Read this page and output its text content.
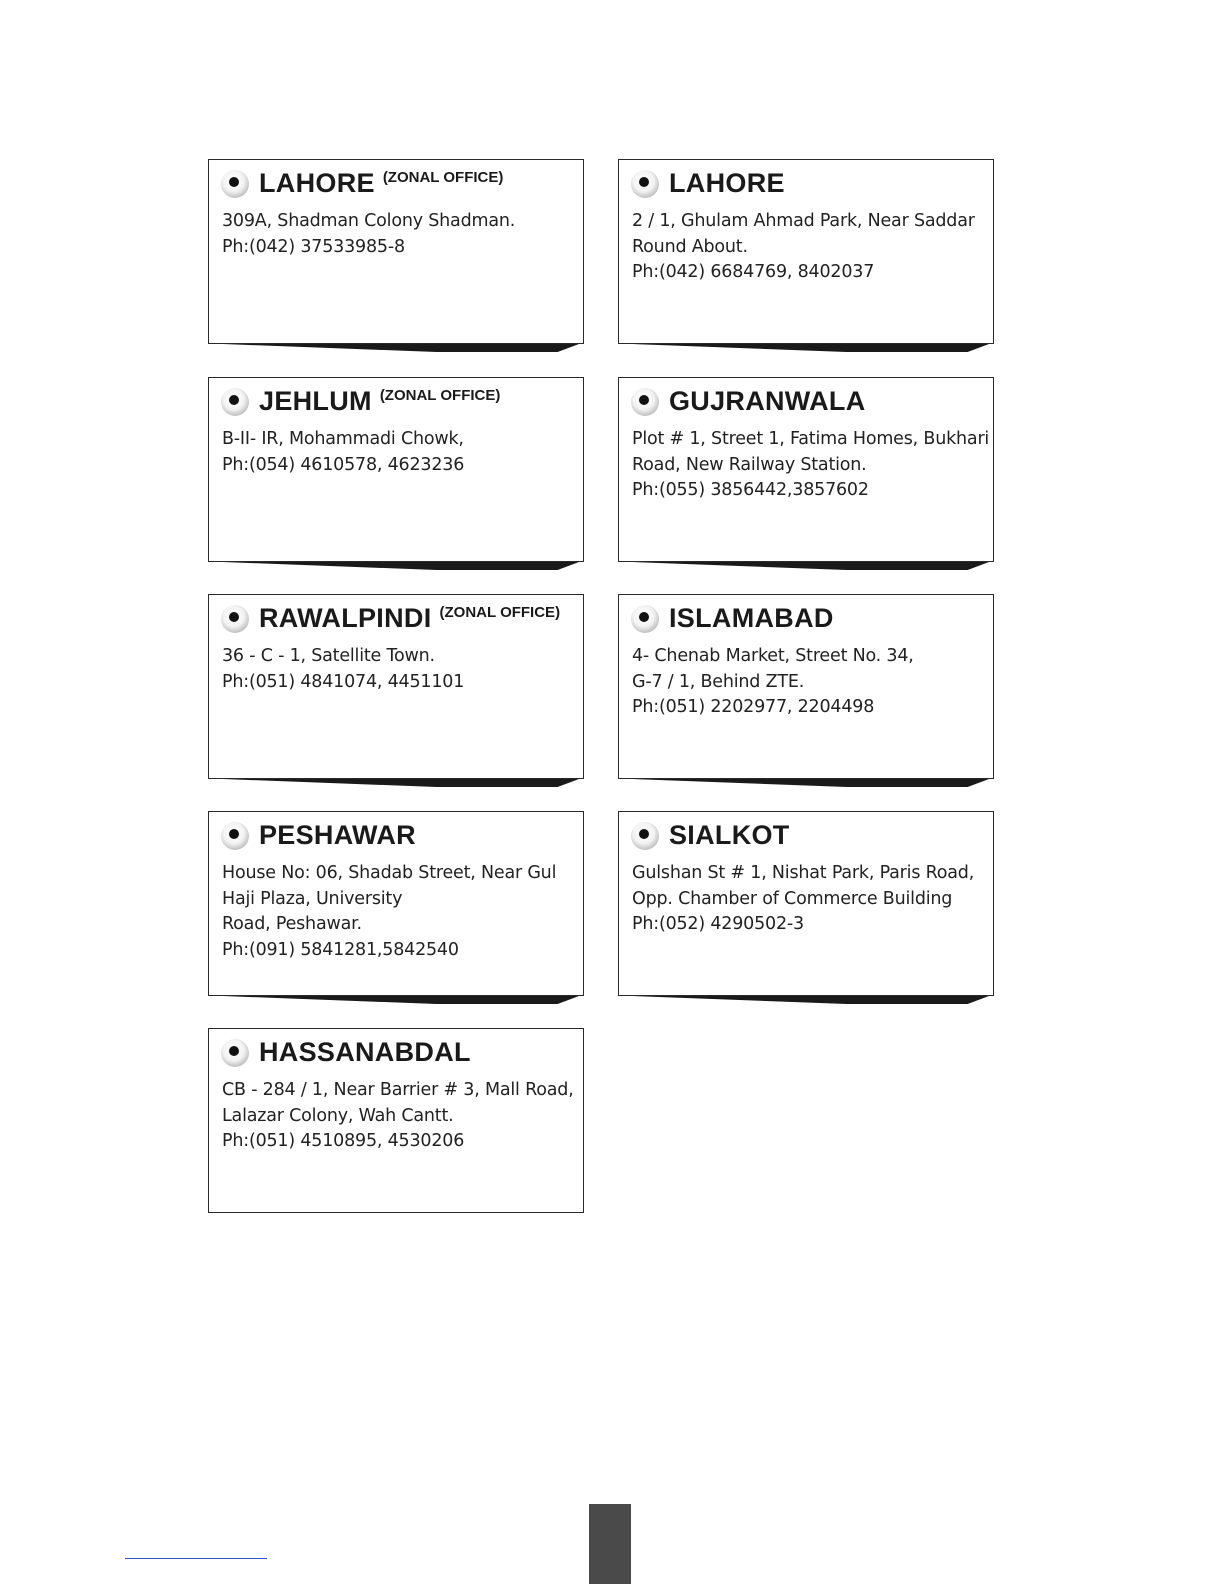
LAHORE (ZONAL OFFICE)
309A, Shadman Colony Shadman.
Ph:(042) 37533985-8
LAHORE
2 / 1, Ghulam Ahmad Park, Near Saddar
Round About.
Ph:(042) 6684769, 8402037
JEHLUM (ZONAL OFFICE)
B-II- IR, Mohammadi Chowk,
Ph:(054) 4610578, 4623236
GUJRANWALA
Plot # 1, Street 1, Fatima Homes, Bukhari
Road, New Railway Station.
Ph:(055) 3856442,3857602
RAWALPINDI (ZONAL OFFICE)
36 - C - 1, Satellite Town.
Ph:(051) 4841074, 4451101
ISLAMABAD
4- Chenab Market, Street No. 34,
G-7 / 1, Behind ZTE.
Ph:(051) 2202977, 2204498
PESHAWAR
House No: 06, Shadab Street, Near Gul
Haji Plaza, University
Road, Peshawar.
Ph:(091) 5841281,5842540
SIALKOT
Gulshan St # 1, Nishat Park, Paris Road,
Opp. Chamber of Commerce Building
Ph:(052) 4290502-3
HASSANABDAL
CB - 284 / 1, Near Barrier # 3, Mall Road,
Lalazar Colony, Wah Cantt.
Ph:(051) 4510895, 4530206
